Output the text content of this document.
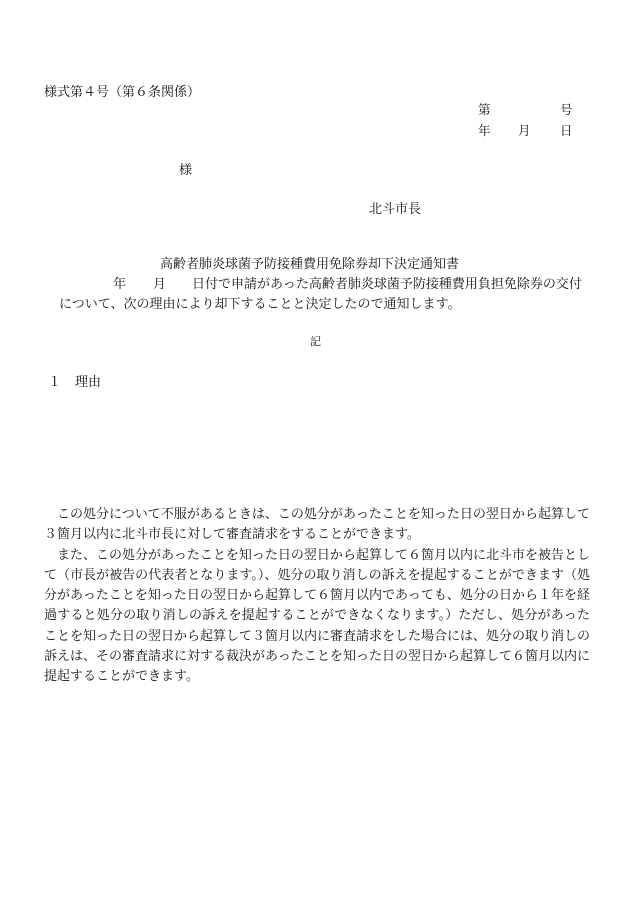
様式第４号（第６条関係）
第	号
年 月 日
様
北斗市長
高齢者肺炎球菌予防接種費用免除券却下決定通知書
年 月 日付で申請があった高齢者肺炎球菌予防接種費用負担免除券の交付
について、次の理由により却下することと決定したので通知します。
記
１ 理由

この処分について不服があるときは、この処分があったことを知った日の翌日から起算して３箇月以内に北斗市長に対して審査請求をすることができます。

また、この処分があったことを知った日の翌日から起算して６箇月以内に北斗市を被告として（市長が被告の代表者となります。）、処分の取り消しの訴えを提起することができます（処分があったことを知った日の翌日から起算して６箇月以内であっても、処分の日から１年を経過すると処分の取り消しの訴えを提起することができなくなります。）ただし、処分があったことを知った日の翌日から起算して３箇月以内に審査請求をした場合には、処分の取り消しの訴えは、その審査請求に対する裁決があったことを知った日の翌日から起算して６箇月以内に提起することができます。
